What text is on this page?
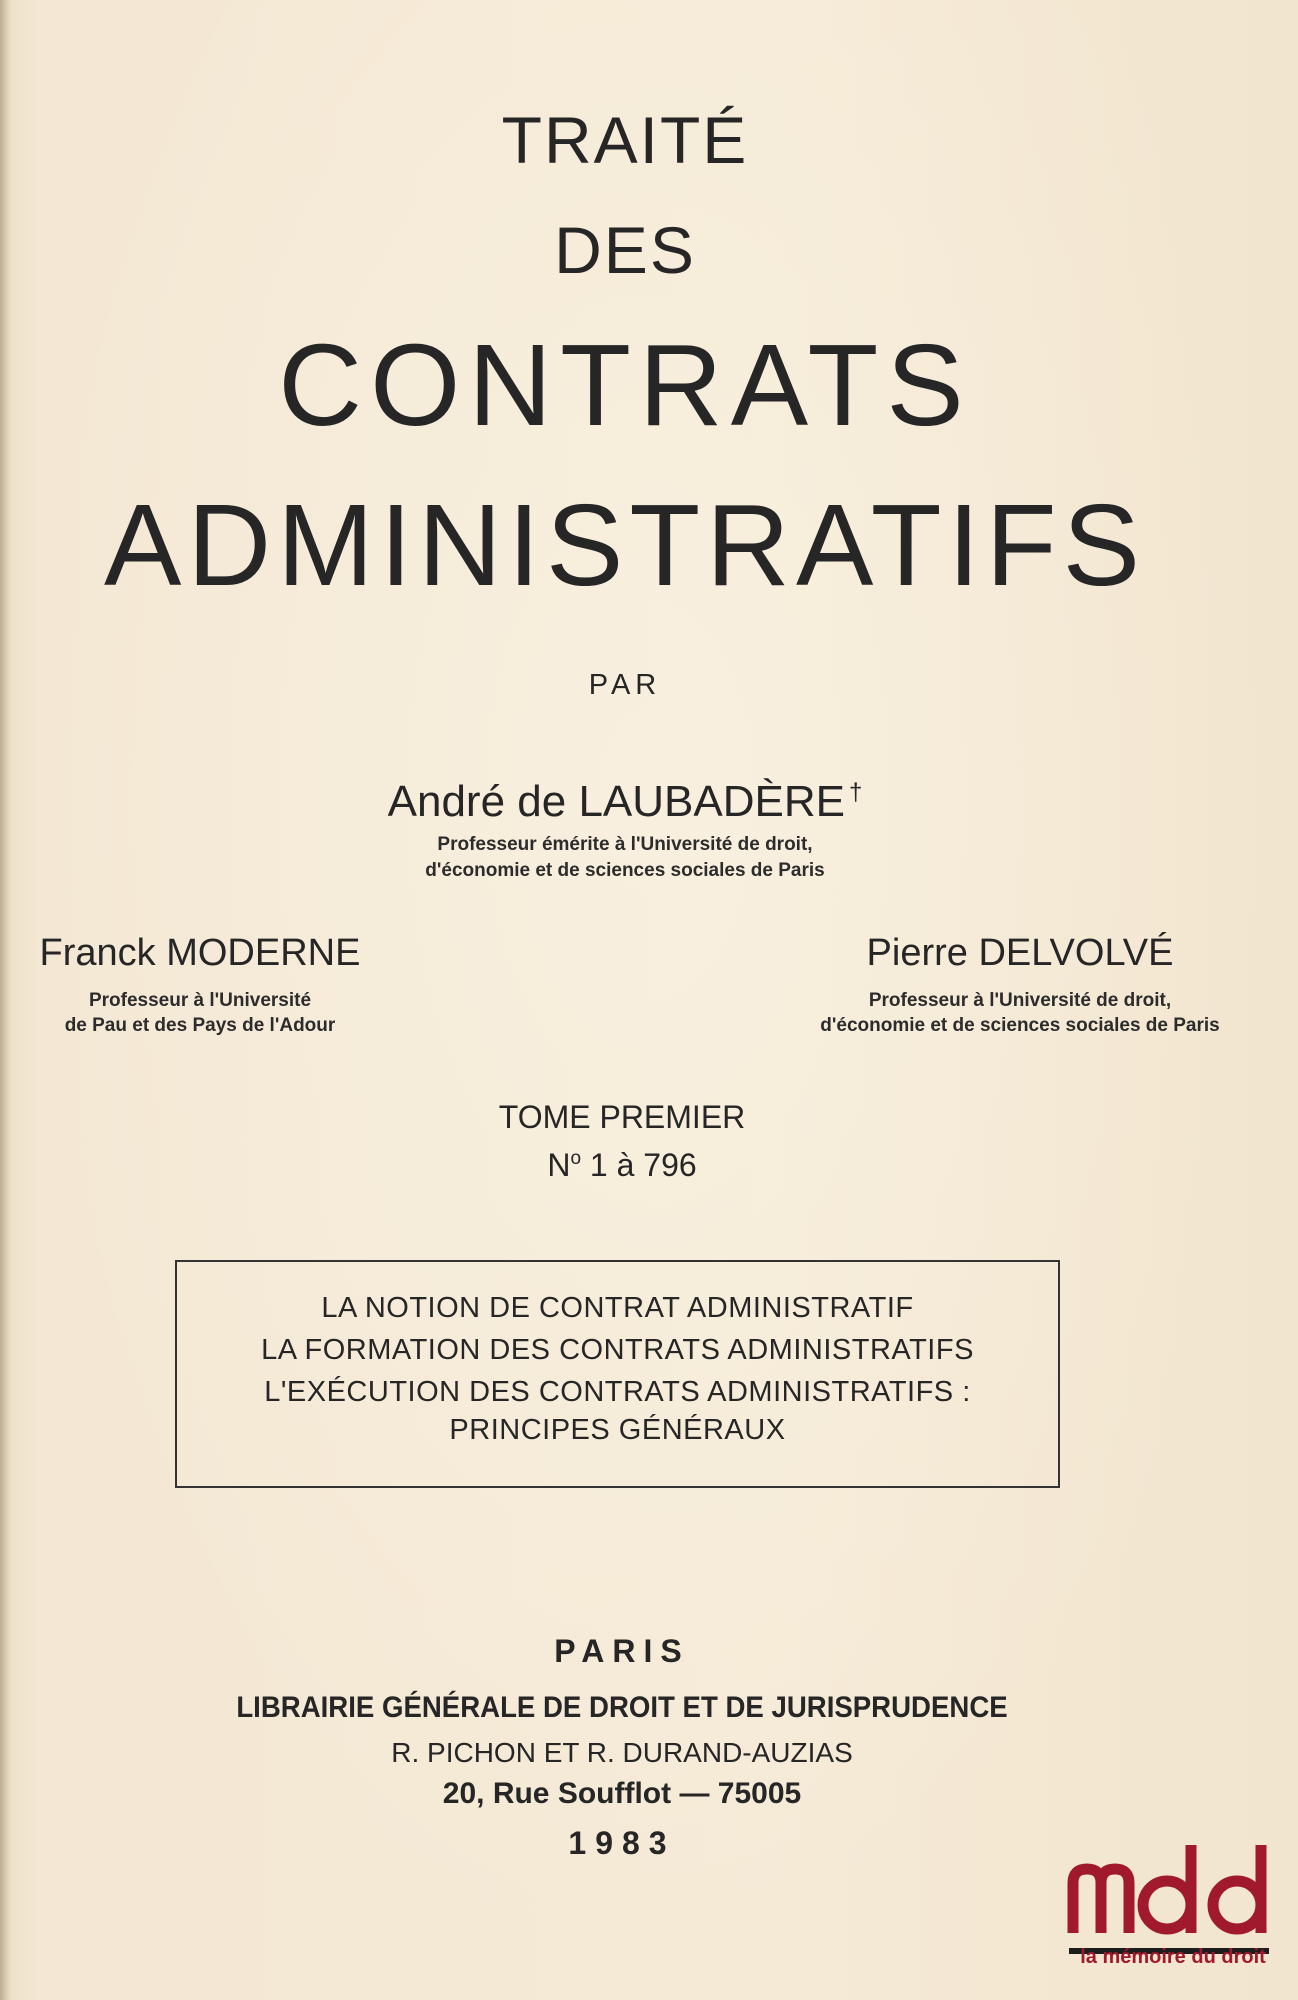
TRAITÉ
DES
CONTRATS
ADMINISTRATIFS
PAR
André de LAUBADÈRE †
Professeur émérite à l'Université de droit,
d'économie et de sciences sociales de Paris
Franck MODERNE
Professeur à l'Université
de Pau et des Pays de l'Adour
Pierre DELVOLVÉ
Professeur à l'Université de droit,
d'économie et de sciences sociales de Paris
TOME PREMIER
$N^o$ 1 à 796
LA NOTION DE CONTRAT ADMINISTRATIF
LA FORMATION DES CONTRATS ADMINISTRATIFS
L'EXÉCUTION DES CONTRATS ADMINISTRATIFS :
PRINCIPES GÉNÉRAUX
PARIS
LIBRAIRIE GÉNÉRALE DE DROIT ET DE JURISPRUDENCE
R. PICHON ET R. DURAND-AUZIAS
20, Rue Soufflot — 75005
1983
la mémoire du droit
